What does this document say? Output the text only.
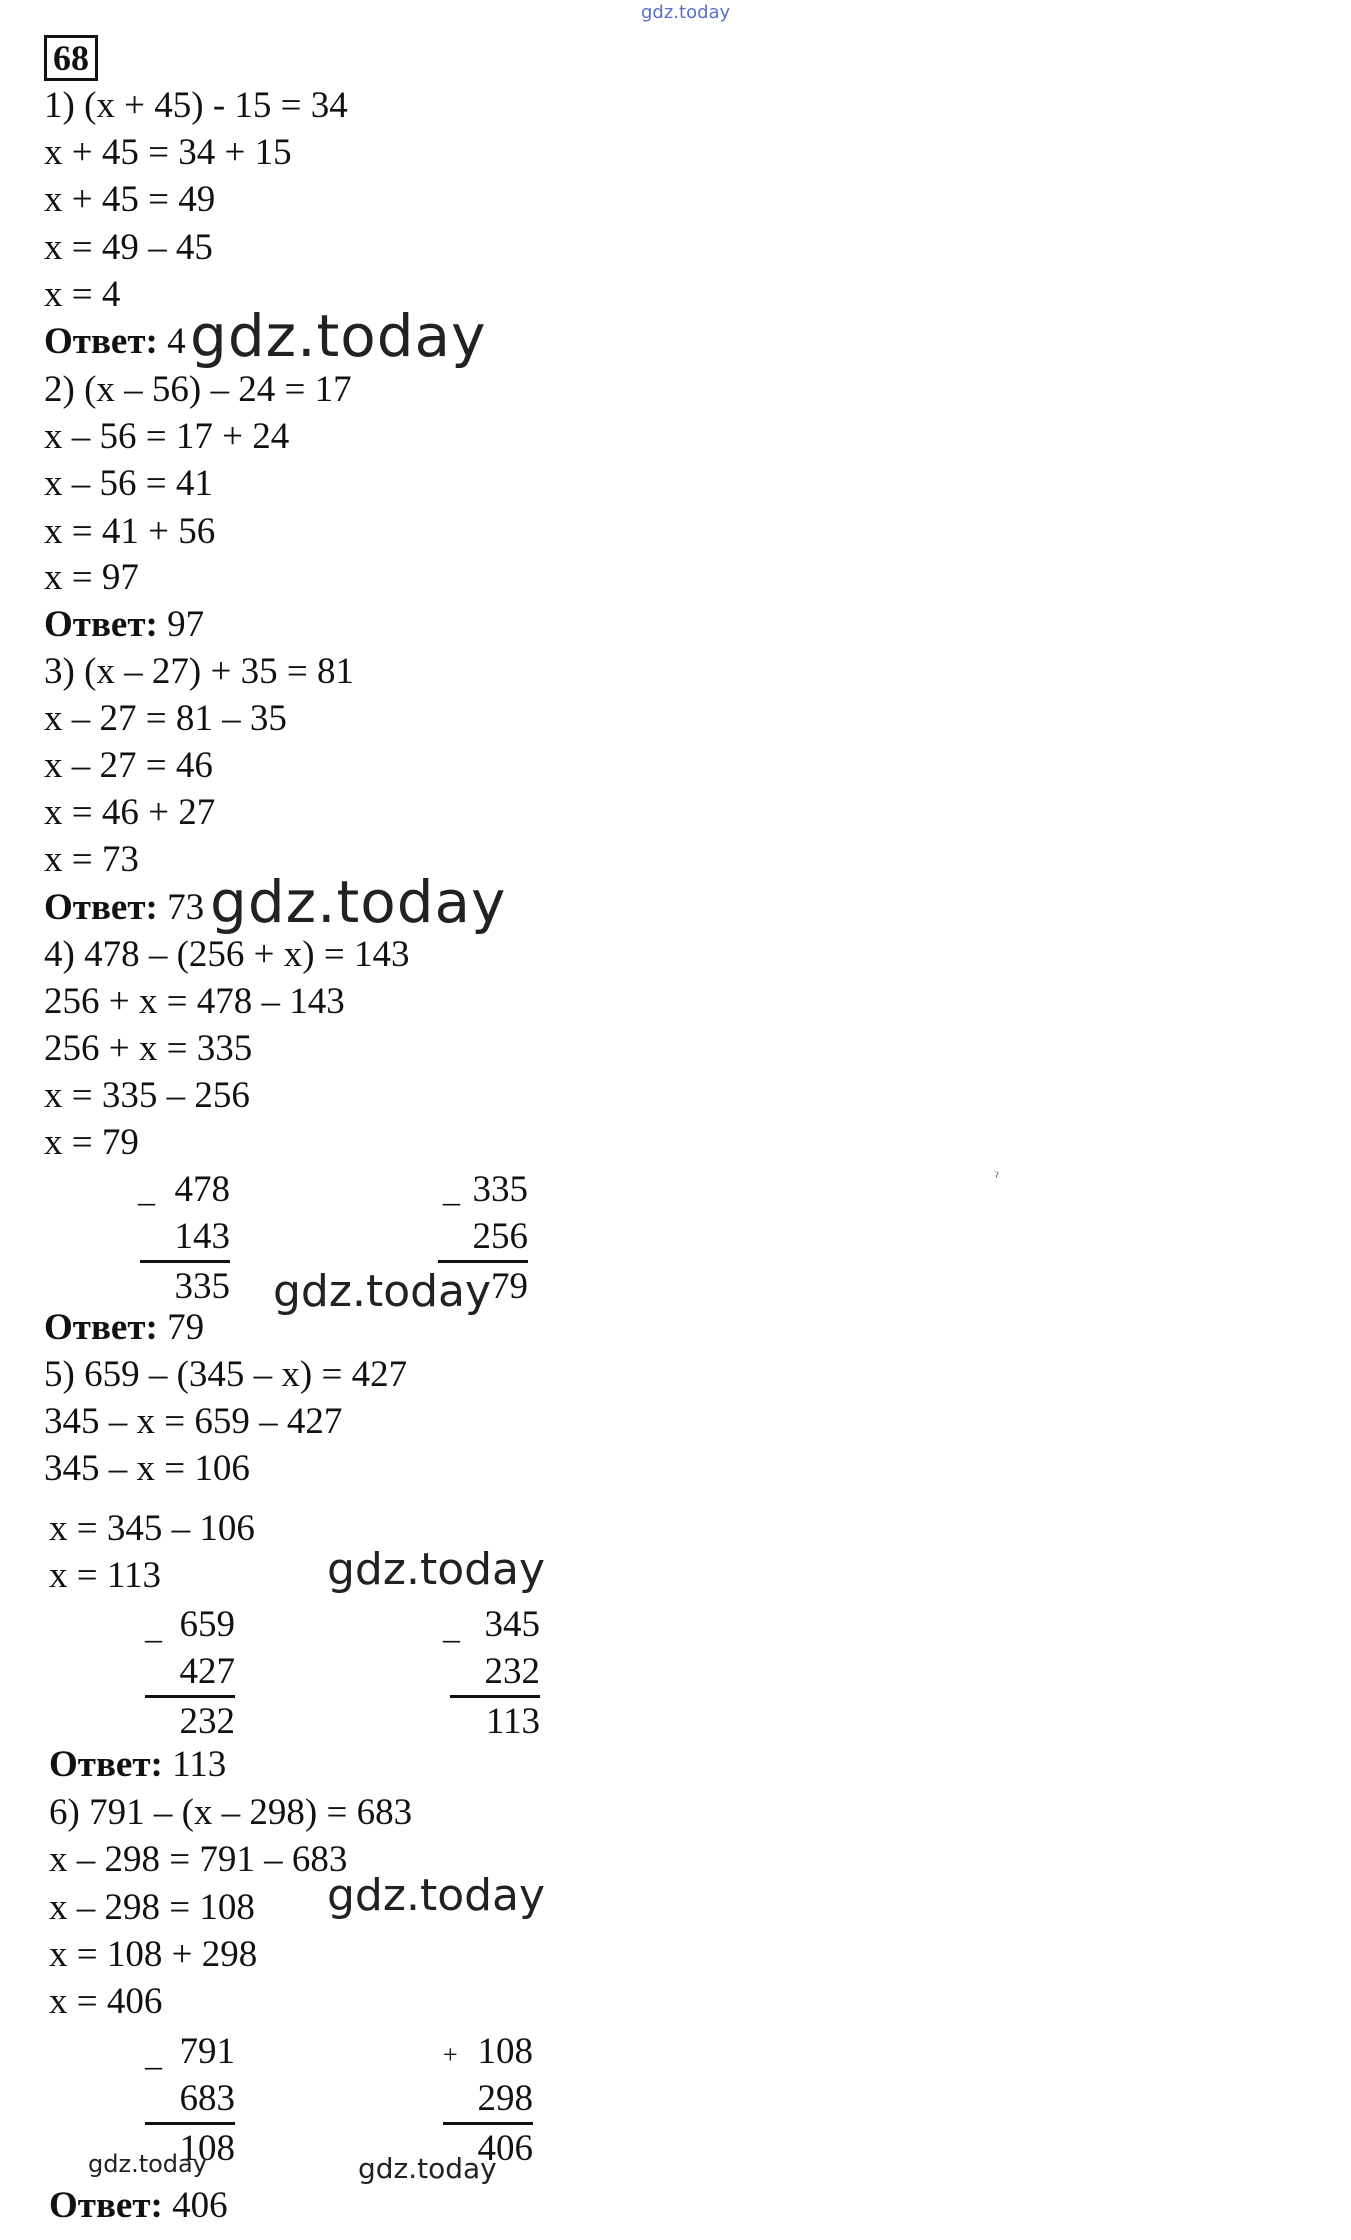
gdz.today
68
1) (x + 45) - 15 = 34
x + 45 = 34 + 15
x + 45 = 49
x = 49 – 45
x = 4
Ответ: 4 gdz.today
2) (x – 56) – 24 = 17
x – 56 = 17 + 24
x – 56 = 41
x = 41 + 56
x = 97
Ответ: 97
3) (x – 27) + 35 = 81
x – 27 = 81 – 35
x – 27 = 46
x = 46 + 27
x = 73
Ответ: 73 gdz.today
4) 478 – (256 + x) = 143
256 + x = 478 – 143
256 + x = 335
x = 335 – 256
x = 79
_ 478
143
335
_ 335
256
79
gdz.today
ˀ
Ответ: 79
5) 659 – (345 – x) = 427
345 – x = 659 – 427
345 – x = 106
x = 345 – 106
x = 113	gdz.today
_ 659
427
232
_ 345
232
113
Ответ: 113
6) 791 – (x – 298) = 683
x – 298 = 791 – 683
x – 298 = 108
x = 108 + 298
x = 406
gdz.today
_ 791
683
108
+ 108
298
406
gdz.today	gdz.today
Ответ: 406
